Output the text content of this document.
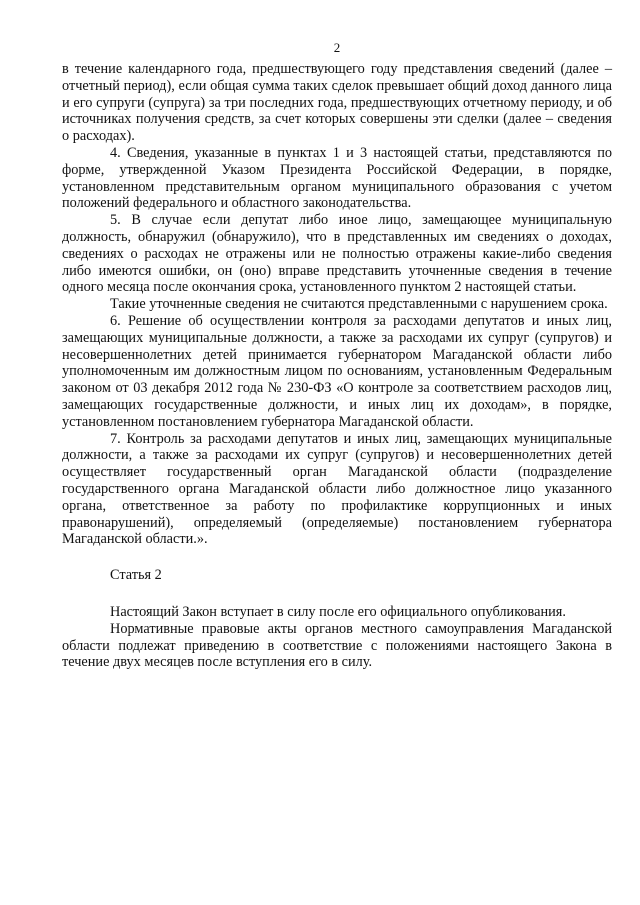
2

в течение календарного года, предшествующего году представления сведений (далее – отчетный период), если общая сумма таких сделок превышает общий доход данного лица и его супруги (супруга) за три последних года, предшествующих отчетному периоду, и об источниках получения средств, за счет которых совершены эти сделки (далее – сведения о расходах).

4. Сведения, указанные в пунктах 1 и 3 настоящей статьи, представляются по форме, утвержденной Указом Президента Российской Федерации, в порядке, установленном представительным органом муниципального образования с учетом положений федерального и областного законодательства.

5. В случае если депутат либо иное лицо, замещающее муниципальную должность, обнаружил (обнаружило), что в представленных им сведениях о доходах, сведениях о расходах не отражены или не полностью отражены какие-либо сведения либо имеются ошибки, он (оно) вправе представить уточненные сведения в течение одного месяца после окончания срока, установленного пунктом 2 настоящей статьи.

Такие уточненные сведения не считаются представленными с нарушением срока.

6. Решение об осуществлении контроля за расходами депутатов и иных лиц, замещающих муниципальные должности, а также за расходами их супруг (супругов) и несовершеннолетних детей принимается губернатором Магаданской области либо уполномоченным им должностным лицом по основаниям, установленным Федеральным законом от 03 декабря 2012 года № 230-ФЗ «О контроле за соответствием расходов лиц, замещающих государственные должности, и иных лиц их доходам», в порядке, установленном постановлением губернатора Магаданской области.

7. Контроль за расходами депутатов и иных лиц, замещающих муниципальные должности, а также за расходами их супруг (супругов) и несовершеннолетних детей осуществляет государственный орган Магаданской области (подразделение государственного органа Магаданской области либо должностное лицо указанного органа, ответственное за работу по профилактике коррупционных и иных правонарушений), определяемый (определяемые) постановлением губернатора Магаданской области.».

Статья 2

Настоящий Закон вступает в силу после его официального опубликования.

Нормативные правовые акты органов местного самоуправления Магаданской области подлежат приведению в соответствие с положениями настоящего Закона в течение двух месяцев после вступления его в силу.
